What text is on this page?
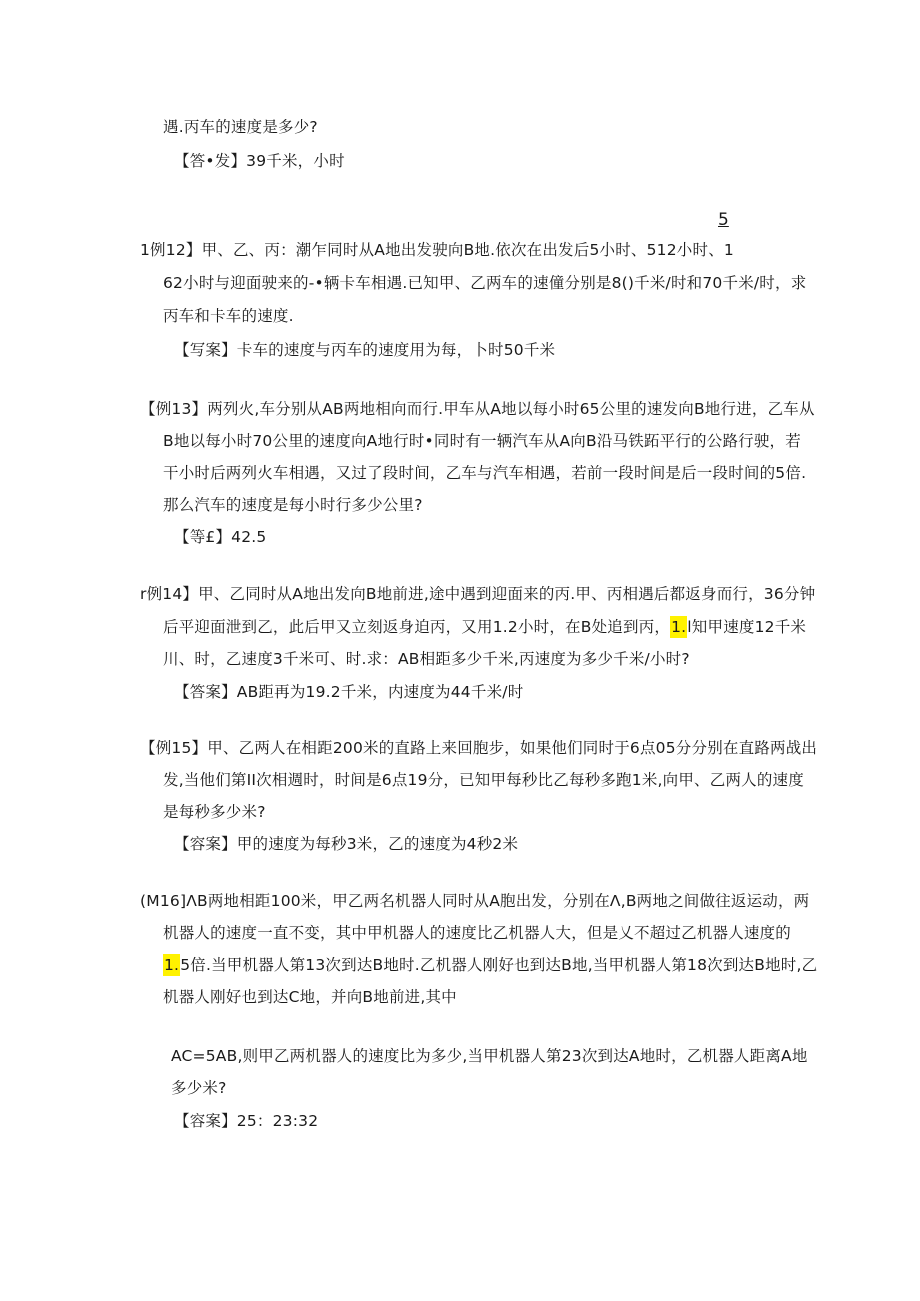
遇.丙车的速度是多少?
【答•发】39千米，小时
5
1例12】甲、乙、丙：潮乍同时从A地出发驶向B地.依次在出发后5小时、512小时、1
62小时与迎面驶来的-•辆卡车相遇.已知甲、乙两车的速僮分别是8()千米/时和70千米/时，求
丙车和卡车的速度.
【写案】卡车的速度与丙车的速度用为每，卜时50千米
【例13】两列火,车分别从AB两地相向而行.甲车从A地以每小时65公里的速发向B地行进，乙车从
B地以每小时70公里的速度向A地行时•同时有一辆汽车从A向B沿马铁跖平行的公路行驶，若
干小时后两列火车相遇，又过了段时间，乙车与汽车相遇，若前一段时间是后一段时间的5倍.
那么汽车的速度是每小时行多少公里?
【等£】42.5
r例14】甲、乙同时从A地出发向B地前进,途中遇到迎面来的丙.甲、丙相遇后都返身而行，36分钟
后平迎面泄到乙，此后甲又立刻返身迫丙，又用1.2小时，在B处追到丙，1.l知甲速度12千米
川、时，乙速度3千米可、时.求：AB相距多少千米,丙速度为多少千米/小时?
【答案】AB距再为19.2千米，内速度为44千米/时
【例15】甲、乙两人在相距200米的直路上来回胞步，如果他们同时于6点05分分别在直路两战出
发,当他们第II次相週时，时间是6点19分，已知甲每秒比乙每秒多跑1米,向甲、乙两人的速度
是每秒多少米?
【容案】甲的速度为每秒3米，乙的速度为4秒2米
(M16]ΛB两地相距100米，甲乙两名机器人同时从A胞出发，分别在Λ,B两地之间做往返运动，两
机器人的速度一直不变，其中甲机器人的速度比乙机器人大，但是乂不超过乙机器人速度的
1.5倍.当甲机器人第13次到达B地时.乙机器人刚好也到达B地,当甲机器人第18次到达B地时,乙
机器人刚好也到达C地，并向B地前进,其中
AC=5AB,则甲乙两机器人的速度比为多少,当甲机器人第23次到达A地时，乙机器人距离A地
多少米?
【容案】25：23:32
